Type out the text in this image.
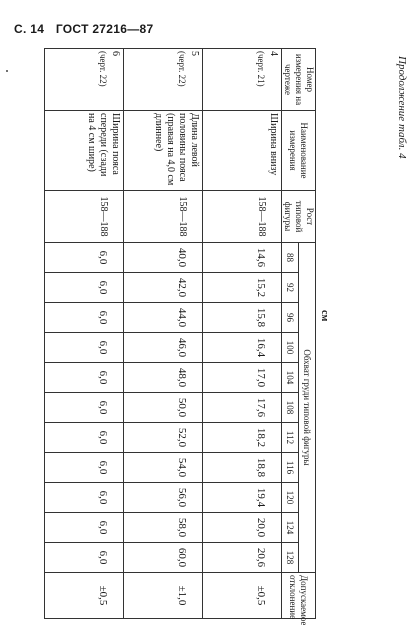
С. 14 ГОСТ 27216—87
Продолжение табл. 4
см
Номер измерения на чертеже	Наименование измерения	Рост типовой фигуры	Обхват груди типовой фигуры											Допускаемое отклонение
			88	92	96	100	104	108	112	116	120	124	128	

4
(черт. 21)	Ширина внизу	158—188	14,6	15,2	15,8	16,4	17,0	17,6	18,2	18,8	19,4	20,0	20,6	±0,5

5
(черт. 22)	Длина левой половины пояса (правая на 4,0 см длиннее)	158—188	40,0	42,0	44,0	46,0	48,0	50,0	52,0	54,0	56,0	58,0	60,0	±1,0

6
(черт. 22)	Ширина пояса спереди (сзади на 4 см шире)	158—188	6,0	6,0	6,0	6,0	6,0	6,0	6,0	6,0	6,0	6,0	6,0	±0,5
